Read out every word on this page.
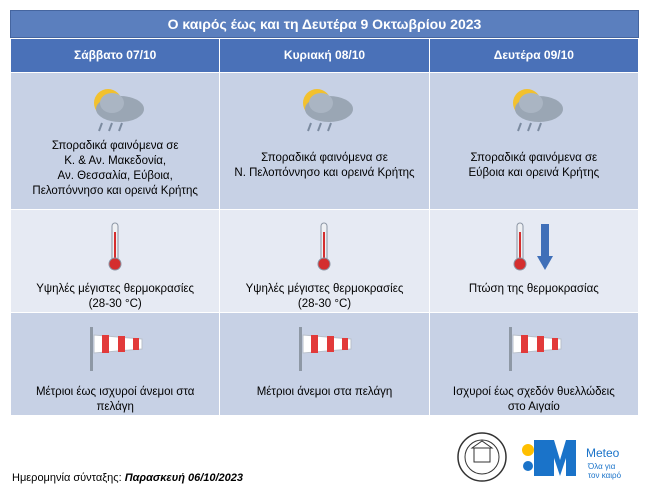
Ο καιρός έως και τη Δευτέρα 9 Οκτωβρίου 2023
Σάββατο 07/10	Κυριακή 08/10	Δευτέρα 09/10

Σποραδικά φαινόμενα σε
Κ. & Αν. Μακεδονία,
Αν. Θεσσαλία, Εύβοια,
Πελοπόννησο και ορεινά Κρήτης	Σποραδικά φαινόμενα σε
Ν. Πελοπόννησο και ορεινά Κρήτης	Σποραδικά φαινόμενα σε
Εύβοια και ορεινά Κρήτης

Υψηλές μέγιστες θερμοκρασίες
(28-30 °C)	Υψηλές μέγιστες θερμοκρασίες
(28-30 °C)	Πτώση της θερμοκρασίας

Μέτριοι έως ισχυροί άνεμοι στα
πελάγη	Μέτριοι άνεμοι στα πελάγη	Ισχυροί έως σχεδόν θυελλώδεις
στο Αιγαίο
Ημερομηνία σύνταξης: Παρασκευή 06/10/2023
Meteo
Όλα για
τον καιρό
